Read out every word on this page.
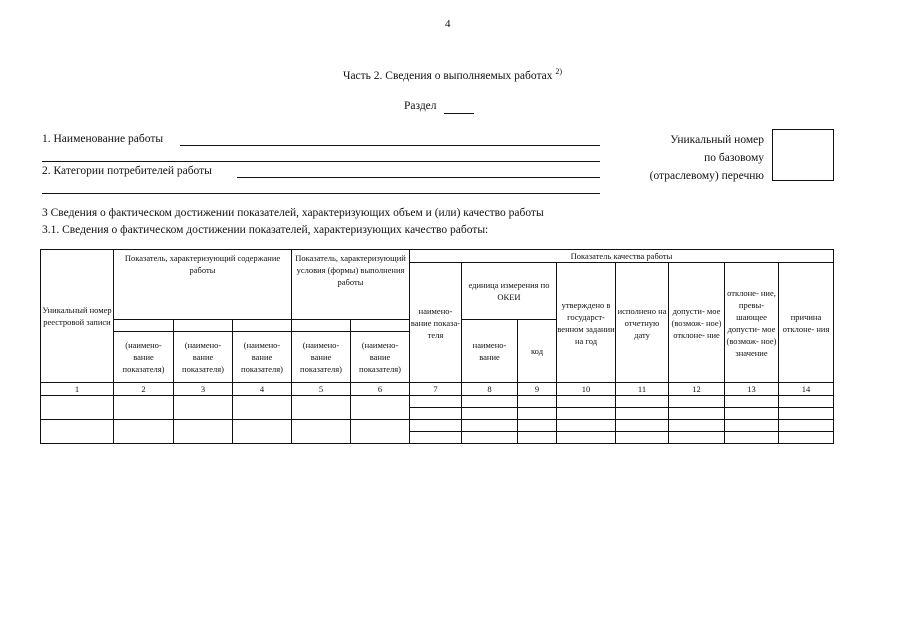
4
Часть 2. Сведения о выполняемых работах $^{2)}$
Раздел
1. Наименование работы
2. Категории потребителей работы
Уникальный номер
по базовому
(отраслевому) перечню
3 Сведения о фактическом достижении показателей, характеризующих объем и (или) качество работы
3.1. Сведения о фактическом достижении показателей, характеризующих качество работы:
Уникальный номер реестровой записи	Показатель, характеризующий содержание работы			Показатель, характеризующий условия (формы) выполнения работы		Показатель качества работы							
						наимено- вание показа- теля	единица измерения по ОКЕИ		утверждено в государст- венном задании на год	исполнено на отчетную дату	допусти- мое (возмож- ное) отклоне- ние	отклоне- ние, превы- шающее допусти- мое (возмож- ное) значение	причина отклоне- ния
							наимено- вание	код					
	(наимено- вание показателя)	(наимено- вание показателя)	(наимено- вание показателя)	(наимено- вание показателя)	(наимено- вание показателя)								
1	2	3	4	5	6	7	8	9	10	11	12	13	14
